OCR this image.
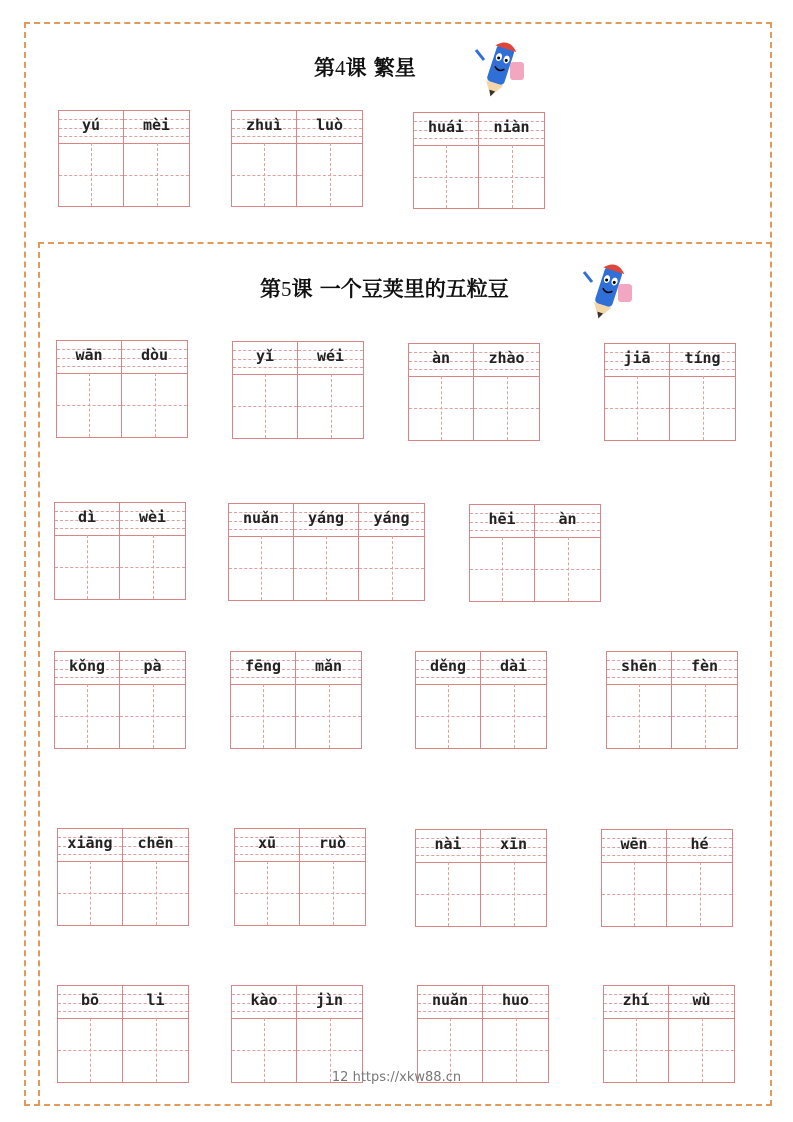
第4课 繁星
第5课 一个豆荚里的五粒豆
yú	mèi	zhuì	luò	huái	niàn
wān	dòu	yǐ	wéi	àn	zhào	jiā	tíng
dì	wèi	nuǎn	yáng	yáng	hēi	àn
kǒng	pà	fēng	mǎn	děng	dài	shēn	fèn
xiāng	chēn	xū	ruò	nài	xīn	wēn	hé
bō	li	kào	jìn	nuǎn	huo	zhí	wù
12 https://xkw88.cn
